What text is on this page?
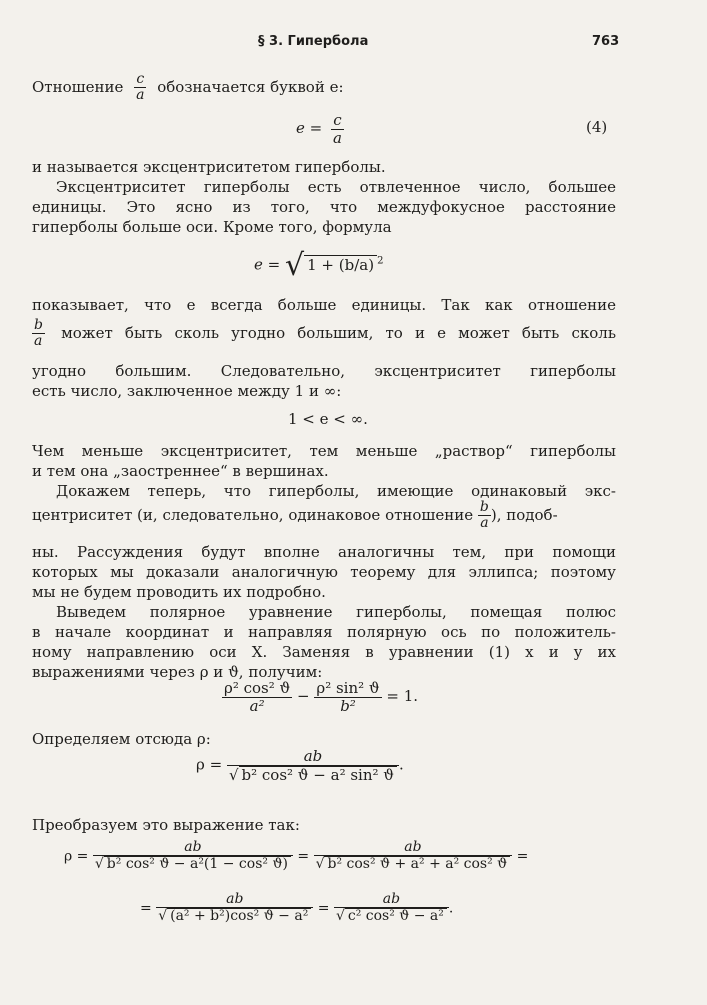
§ 3. Гипербола	763
Отношение $\frac{c}{a}$ обозначается буквой e:
$e = \frac{c}{a}$	(4)
и называется эксцентриситетом гиперболы.
Эксцентриситет гиперболы есть отвлеченное число, большее
единицы. Это ясно из того, что междуфокусное расстояние
гиперболы больше оси. Кроме того, формула
e = √ 1 + (b/a) $^2$
показывает, что e всегда больше единицы. Так как отношение
$\frac{b}{a}$ может быть сколь угодно большим, то и e может быть сколь
угодно большим. Следовательно, эксцентриситет гиперболы
есть число, заключенное между 1 и ∞:
1 < e < ∞.
Чем меньше эксцентриситет, тем меньше „раствор“ гиперболы
и тем она „заостреннее“ в вершинах.
Докажем теперь, что гиперболы, имеющие одинаковый экс-
центриситет (и, следовательно, одинаковое отношение $\frac{b}{a}$ ), подоб-
ны. Рассуждения будут вполне аналогичны тем, при помощи
которых мы доказали аналогичную теорему для эллипса; поэтому
мы не будем проводить их подробно.
Выведем полярное уравнение гиперболы, помещая полюс
в начале координат и направляя полярную ось по положитель-
ному направлению оси X. Заменяя в уравнении (1) x и y их
выражениями через ρ и ϑ, получим:
$\frac{\text{ρ² cos² ϑ}}{\text{a²}} - \frac{\text{ρ² sin² ϑ}}{\text{b²}} = 1$.
Определяем отсюда ρ:
$\rho = \frac{ab}{\text{√ b² cos² ϑ − a² sin² ϑ}}$ .
Преобразуем это выражение так:
$\rho = \frac{ab}{\text{√ b² cos² ϑ − a²(1 − cos² ϑ)}} = \frac{ab}{\text{√ b² cos² ϑ + a² + a² cos² ϑ}}$ =
= $\frac{ab}{\text{√ (a² + b²)cos² ϑ − a²}} = \frac{ab}{\text{√ c² cos² ϑ − a²}}$ .
